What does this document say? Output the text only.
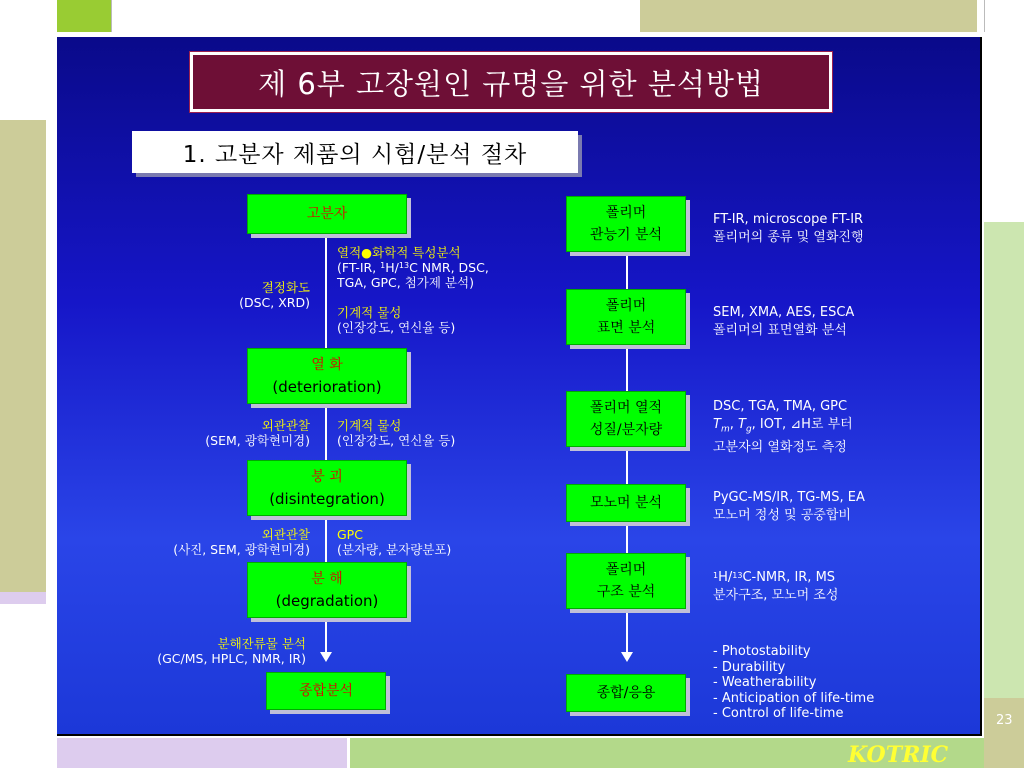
제 6부 고장원인 규명을 위한 분석방법
1. 고분자 제품의 시험/분석 절차
고분자
열 화
(deterioration)
붕 괴
(disintegration)
분 해
(degradation)
종합분석
결정화도
(DSC, XRD)
열적●화학적 특성분석
(FT-IR, $^1$H/$^{13}$C NMR, DSC,
TGA, GPC, 첨가제 분석)
기계적 물성
(인장강도, 연신율 등)
외관관찰
(SEM, 광학현미경)
기계적 물성
(인장강도, 연신율 등)
외관관찰
(사진, SEM, 광학현미경)
GPC
(분자량, 분자량분포)
분해잔류물 분석
(GC/MS, HPLC, NMR, IR)
폴리머
관능기 분석
폴리머
표면 분석
폴리머 열적
성질/분자량
모노머 분석
폴리머
구조 분석
종합/응용
FT-IR, microscope FT-IR
폴리머의 종류 및 열화진행
SEM, XMA, AES, ESCA
폴리머의 표면열화 분석
DSC, TGA, TMA, GPC
$T_m$, $T_g$, IOT, ⊿H로 부터
고분자의 열화정도 측정
PyGC-MS/IR, TG-MS, EA
모노머 정성 및 공중합비
$^1$H/$^{13}$C-NMR, IR, MS
분자구조, 모노머 조성
- Photostability
- Durability
- Weatherability
- Anticipation of life-time
- Control of life-time	23
KOTRIC
